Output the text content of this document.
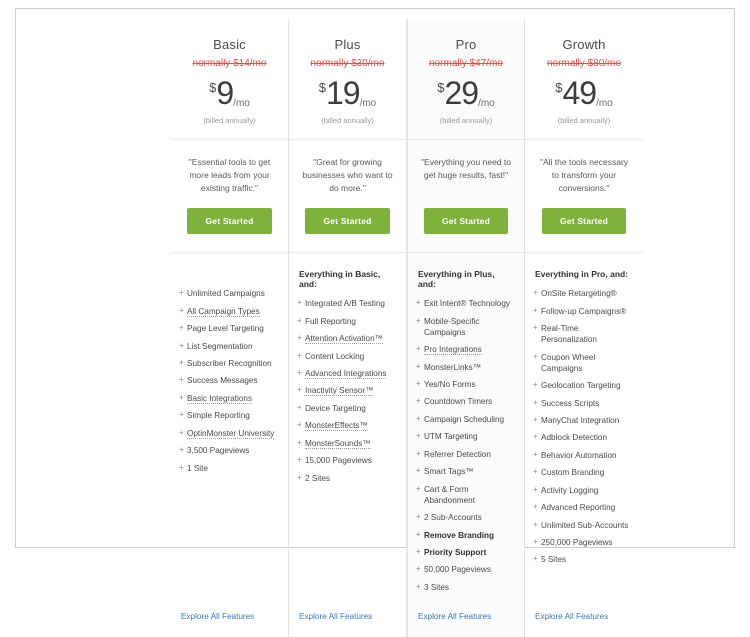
Basic
normally $14/mo
$9/mo
(billed annually)
"Essential tools to get more leads from your existing traffic."
Get Started

+ Unlimited Campaigns
+ All Campaign Types
+ Page Level Targeting
+ List Segmentation
+ Subscriber Recognition
+ Success Messages
+ Basic Integrations
+ Simple Reporting
+ OptinMonster University
+ 3,500 Pageviews
+ 1 Site
Explore All Features
Plus
normally $30/mo
$19/mo
(billed annually)
"Great for growing businesses who want to do more."
Get Started
Everything in Basic, and:
+ Integrated A/B Testing
+ Full Reporting
+ Attention Activation™
+ Content Locking
+ Advanced Integrations
+ Inactivity Sensor™
+ Device Targeting
+ MonsterEffects™
+ MonsterSounds™
+ 15,000 Pageviews
+ 2 Sites
Explore All Features
Pro
normally $47/mo
$29/mo
(billed annually)
"Everything you need to get huge results, fast!"
Get Started
Everything in Plus, and:
+ Exit Intent® Technology
+ Mobile-Specific Campaigns
+ Pro Integrations
+ MonsterLinks™
+ Yes/No Forms
+ Countdown Timers
+ Campaign Scheduling
+ UTM Targeting
+ Referrer Detection
+ Smart Tags™
+ Cart & Form Abandonment
+ 2 Sub-Accounts
+ Remove Branding
+ Priority Support
+ 50,000 Pageviews
+ 3 Sites
Explore All Features
Growth
normally $80/mo
$49/mo
(billed annually)
"All the tools necessary to transform your conversions."
Get Started
Everything in Pro, and:
+ OnSite Retargeting®
+ Follow-up Campaigns®
+ Real-Time Personalization
+ Coupon Wheel Campaigns
+ Geolocation Targeting
+ Success Scripts
+ ManyChat Integration
+ Adblock Detection
+ Behavior Automation
+ Custom Branding
+ Activity Logging
+ Advanced Reporting
+ Unlimited Sub-Accounts
+ 250,000 Pageviews
+ 5 Sites
Explore All Features
